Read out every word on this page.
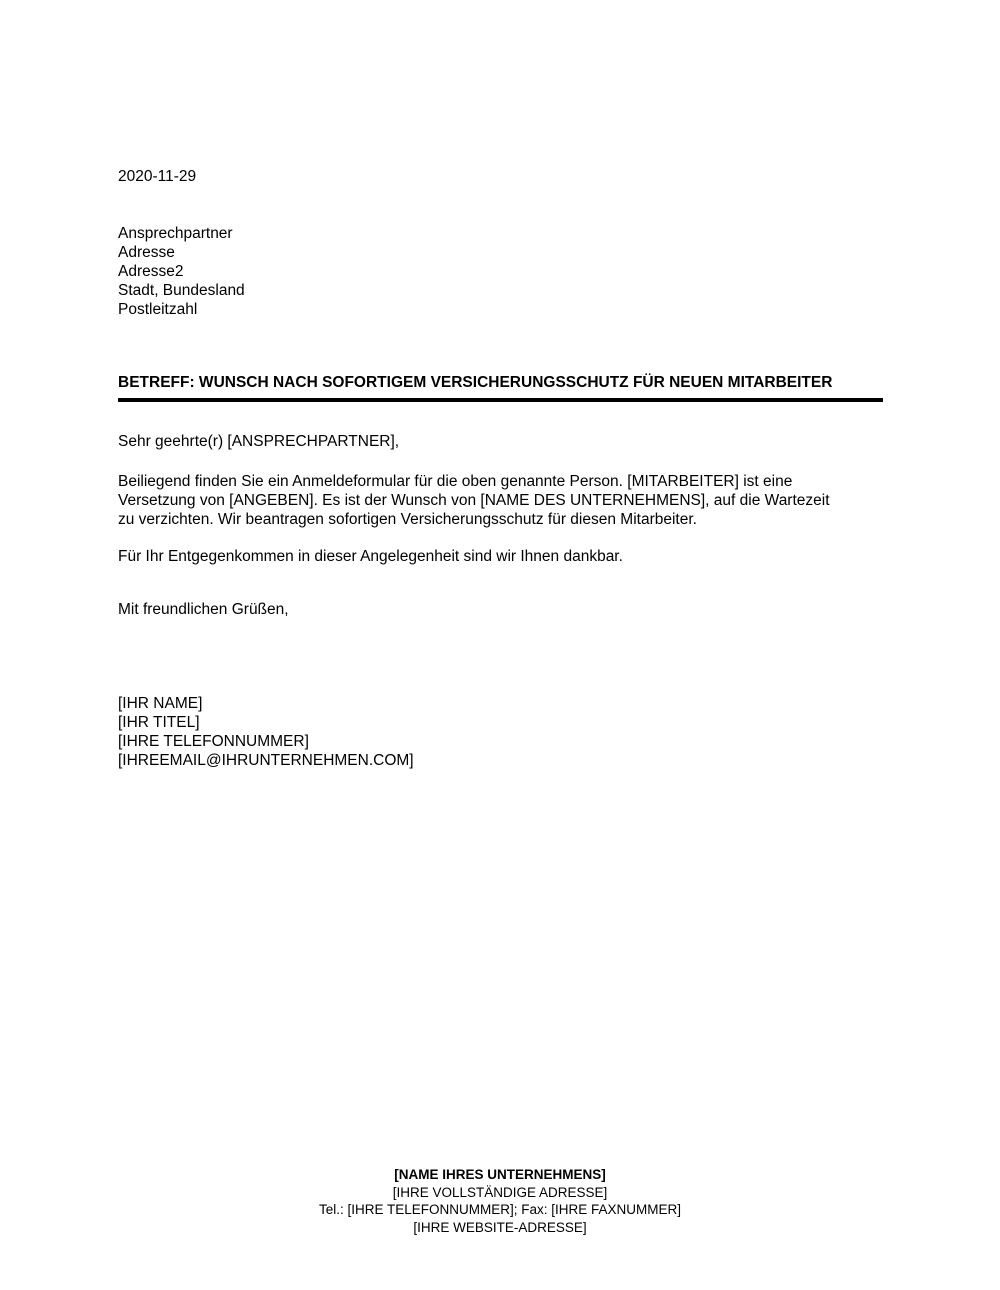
2020-11-29
Ansprechpartner
Adresse
Adresse2
Stadt, Bundesland
Postleitzahl
BETREFF: WUNSCH NACH SOFORTIGEM VERSICHERUNGSSCHUTZ FÜR NEUEN MITARBEITER
Sehr geehrte(r) [ANSPRECHPARTNER],
Beiliegend finden Sie ein Anmeldeformular für die oben genannte Person. [MITARBEITER] ist eine
Versetzung von [ANGEBEN]. Es ist der Wunsch von [NAME DES UNTERNEHMENS], auf die Wartezeit
zu verzichten. Wir beantragen sofortigen Versicherungsschutz für diesen Mitarbeiter.
Für Ihr Entgegenkommen in dieser Angelegenheit sind wir Ihnen dankbar.
Mit freundlichen Grüßen,
[IHR NAME]
[IHR TITEL]
[IHRE TELEFONNUMMER]
[IHREEMAIL@IHRUNTERNEHMEN.COM]
[NAME IHRES UNTERNEHMENS]
[IHRE VOLLSTÄNDIGE ADRESSE]
Tel.: [IHRE TELEFONNUMMER]; Fax: [IHRE FAXNUMMER]
[IHRE WEBSITE-ADRESSE]
